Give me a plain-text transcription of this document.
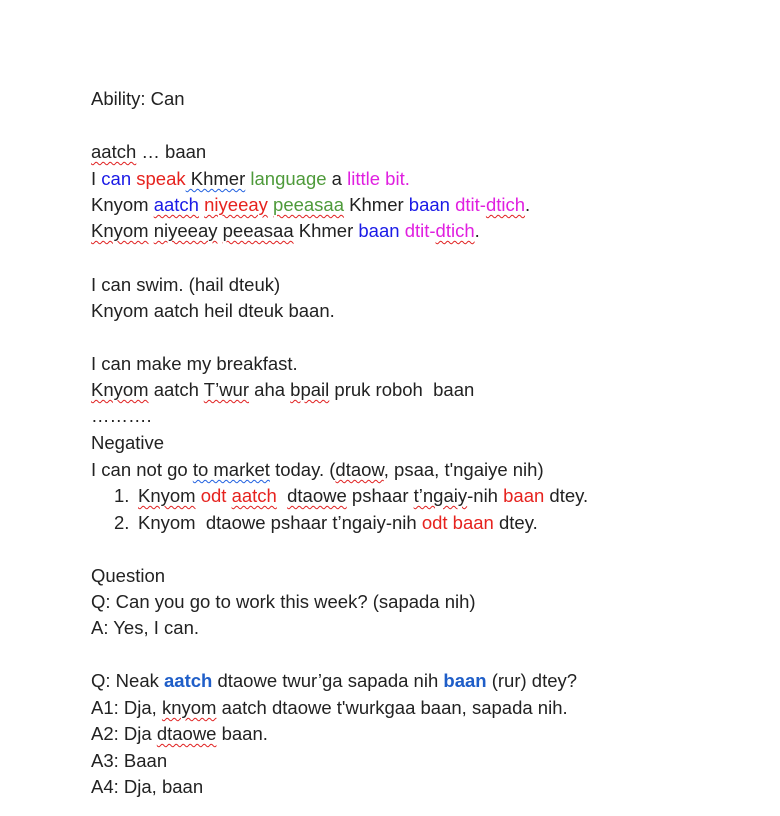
Ability: Can
aatch … baan
I can speak Khmer language a little bit.
Knyom aatch niyeeay peeasaa Khmer baan dtit-dtich.
Knyom niyeeay peeasaa Khmer baan dtit-dtich.
I can swim. (hail dteuk)
Knyom aatch heil dteuk baan.
I can make my breakfast.
Knyom aatch T’wur aha bpail pruk roboh  baan
……….
Negative
I can not go to market today. (dtaow, psaa, t'ngaiye nih)
1. Knyom odt aatch dtaowe pshaar t’ngaiy-nih baan dtey.
2. Knyom  dtaowe pshaar t’ngaiy-nih odt baan dtey.
Question
Q: Can you go to work this week? (sapada nih)
A: Yes, I can.
Q: Neak aatch dtaowe twur’ga sapada nih baan (rur) dtey?
A1: Dja, knyom aatch dtaowe t'wurkgaa baan, sapada nih.
A2: Dja dtaowe baan.
A3: Baan
A4: Dja, baan
